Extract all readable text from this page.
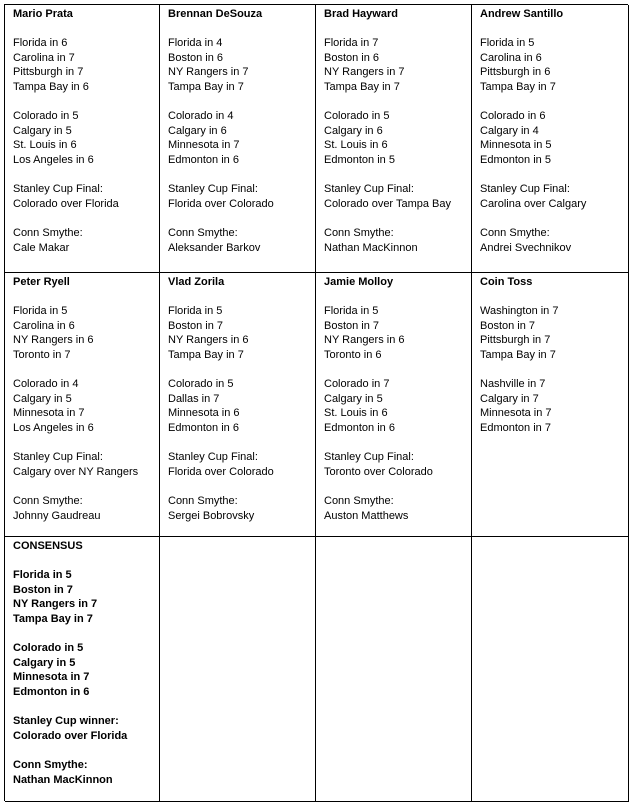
Mario Prata
Florida in 6
Carolina in 7
Pittsburgh in 7
Tampa Bay in 6
Colorado in 5
Calgary in 5
St. Louis in 6
Los Angeles in 6
Stanley Cup Final:
Colorado over Florida
Conn Smythe:
Cale Makar
Brennan DeSouza
Florida in 4
Boston in 6
NY Rangers in 7
Tampa Bay in 7
Colorado in 4
Calgary in 6
Minnesota in 7
Edmonton in 6
Stanley Cup Final:
Florida over Colorado
Conn Smythe:
Aleksander Barkov
Brad Hayward
Florida in 7
Boston in 6
NY Rangers in 7
Tampa Bay in 7
Colorado in 5
Calgary in 6
St. Louis in 6
Edmonton in 5
Stanley Cup Final:
Colorado over Tampa Bay
Conn Smythe:
Nathan MacKinnon
Andrew Santillo
Florida in 5
Carolina in 6
Pittsburgh in 6
Tampa Bay in 7
Colorado in 6
Calgary in 4
Minnesota in 5
Edmonton in 5
Stanley Cup Final:
Carolina over Calgary
Conn Smythe:
Andrei Svechnikov
Peter Ryell
Florida in 5
Carolina in 6
NY Rangers in 6
Toronto in 7
Colorado in 4
Calgary in 5
Minnesota in 7
Los Angeles in 6
Stanley Cup Final:
Calgary over NY Rangers
Conn Smythe:
Johnny Gaudreau
Vlad Zorila
Florida in 5
Boston in 7
NY Rangers in 6
Tampa Bay in 7
Colorado in 5
Dallas in 7
Minnesota in 6
Edmonton in 6
Stanley Cup Final:
Florida over Colorado
Conn Smythe:
Sergei Bobrovsky
Jamie Molloy
Florida in 5
Boston in 7
NY Rangers in 6
Toronto in 6
Colorado in 7
Calgary in 5
St. Louis in 6
Edmonton in 6
Stanley Cup Final:
Toronto over Colorado
Conn Smythe:
Auston Matthews
Coin Toss
Washington in 7
Boston in 7
Pittsburgh in 7
Tampa Bay in 7
Nashville in 7
Calgary in 7
Minnesota in 7
Edmonton in 7
CONSENSUS
Florida in 5
Boston in 7
NY Rangers in 7
Tampa Bay in 7
Colorado in 5
Calgary in 5
Minnesota in 7
Edmonton in 6
Stanley Cup winner:
Colorado over Florida
Conn Smythe:
Nathan MacKinnon
